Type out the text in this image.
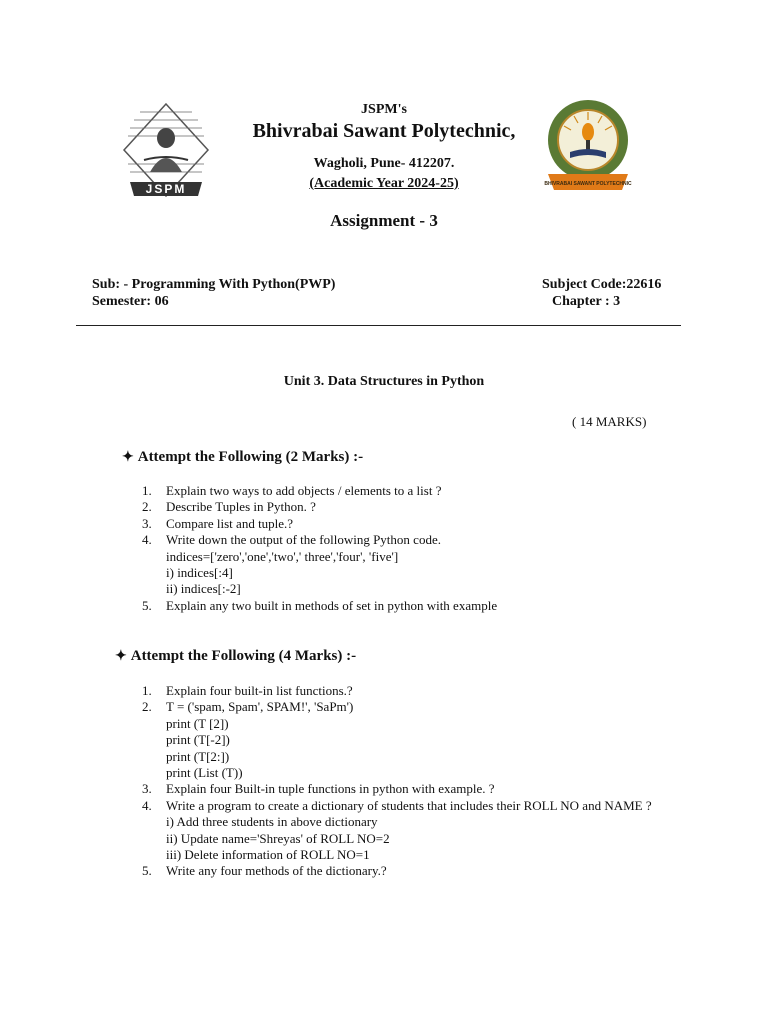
JSPM	BHIVRABAI SAWANT POLYTECHNIC
JSPM's
Bhivrabai Sawant Polytechnic,
Wagholi, Pune- 412207.
(Academic Year 2024-25)
Assignment - 3
Sub: - Programming With Python(PWP)
Semester: 06
Subject Code:22616
Chapter : 3
Unit 3. Data Structures in Python
( 14 MARKS)
✦ Attempt the Following (2 Marks) :-
1. Explain two ways to add objects / elements to a list ?
2. Describe Tuples in Python. ?
3. Compare list and tuple.?
4. Write down the output of the following Python code.
indices=['zero','one','two',' three','four', 'five']
i) indices[:4]
ii) indices[:-2]
5. Explain any two built in methods of set in python with example
✦ Attempt the Following (4 Marks) :-
1. Explain four built-in list functions.?
2. T = ('spam, Spam', SPAM!', 'SaPm')
print (T [2])
print (T[-2])
print (T[2:])
print (List (T))
3. Explain four Built-in tuple functions in python with example. ?
4. Write a program to create a dictionary of students that includes their ROLL NO and NAME ?
i) Add three students in above dictionary
ii) Update name='Shreyas' of ROLL NO=2
iii) Delete information of ROLL NO=1
5. Write any four methods of the dictionary.?
